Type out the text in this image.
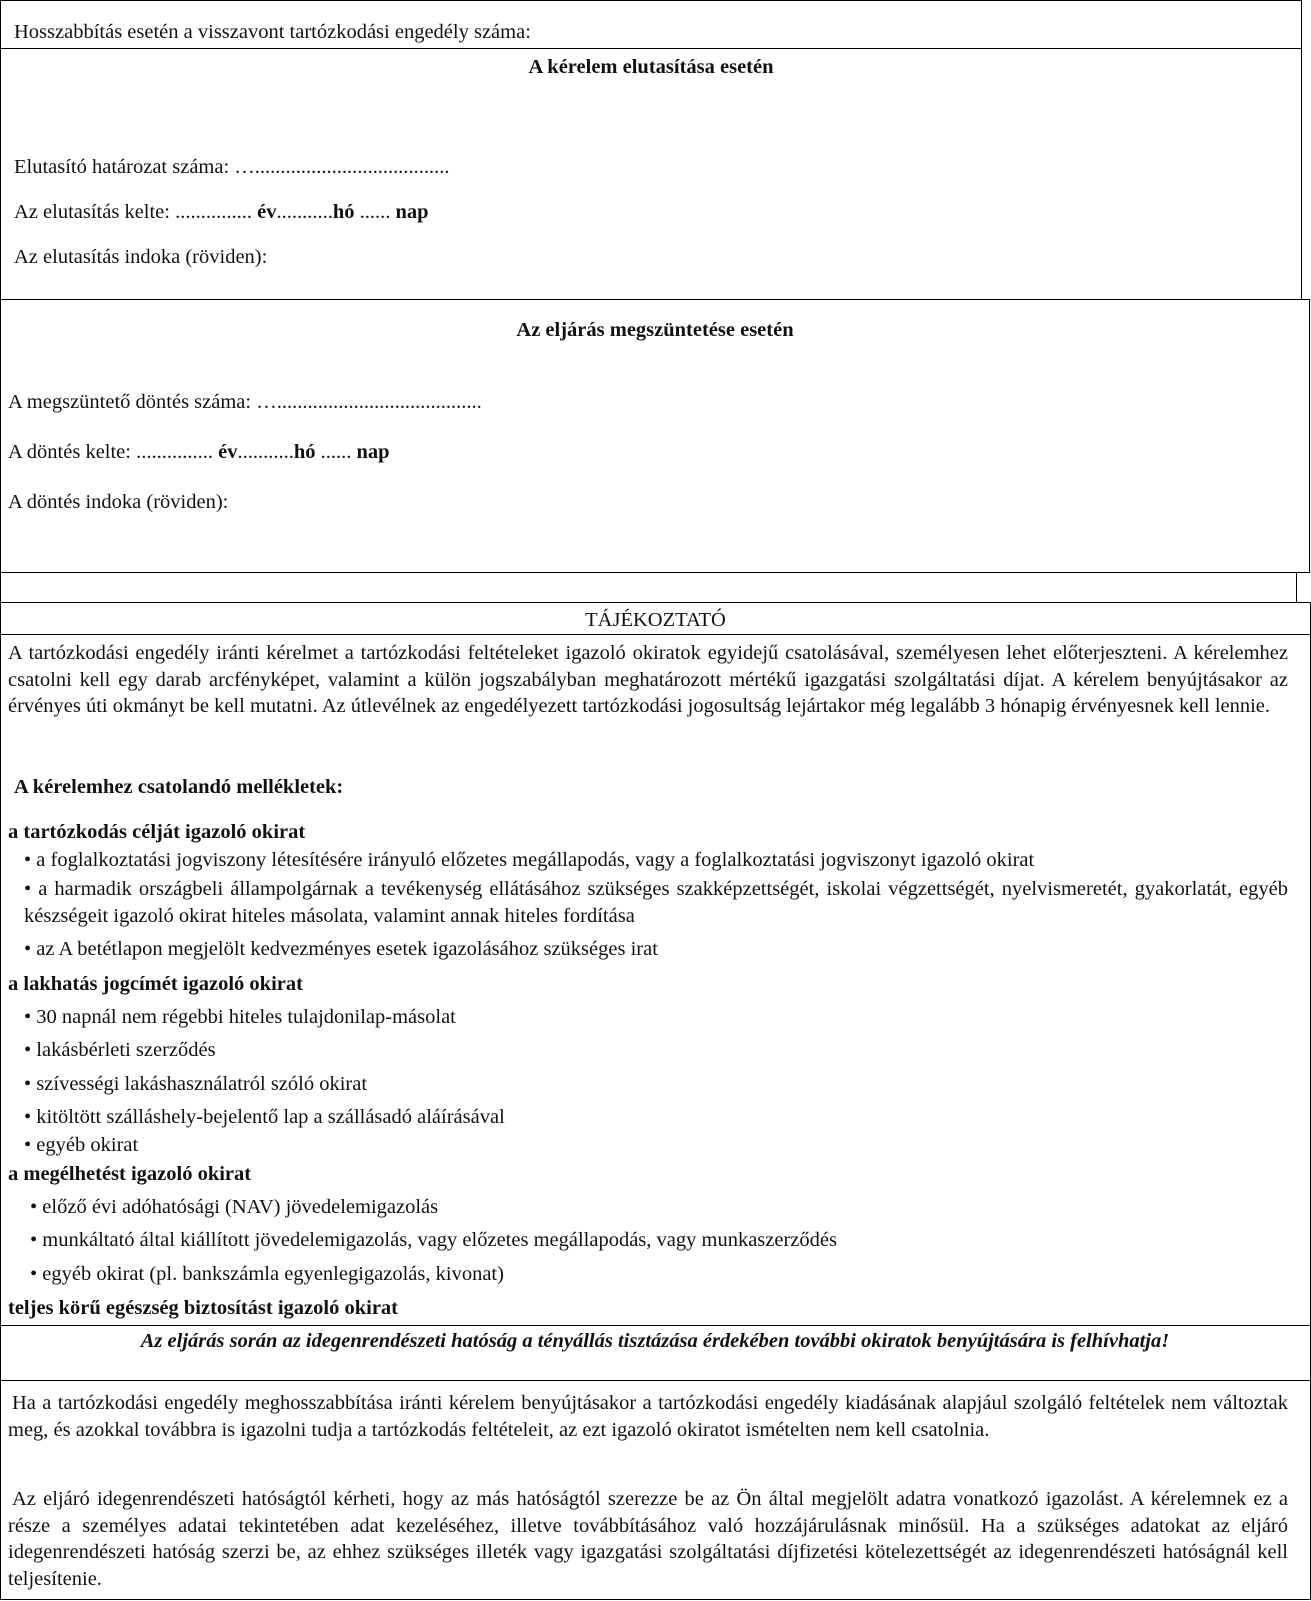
Hosszabbítás esetén a visszavont tartózkodási engedély száma:
A kérelem elutasítása esetén
Elutasító határozat száma: …......................................
Az elutasítás kelte: ............... év...........hó ...... nap
Az elutasítás indoka (röviden):
Az eljárás megszüntetése esetén
A megszüntető döntés száma: …........................................
A döntés kelte: ............... év...........hó ...... nap
A döntés indoka (röviden):
TÁJÉKOZTATÓ
A tartózkodási engedély iránti kérelmet a tartózkodási feltételeket igazoló okiratok egyidejű csatolásával, személyesen lehet előterjeszteni. A kérelemhez csatolni kell egy darab arcfényképet, valamint a külön jogszabályban meghatározott mértékű igazgatási szolgáltatási díjat. A kérelem benyújtásakor az érvényes úti okmányt be kell mutatni. Az útlevélnek az engedélyezett tartózkodási jogosultság lejártakor még legalább 3 hónapig érvényesnek kell lennie.
A kérelemhez csatolandó mellékletek:
a tartózkodás célját igazoló okirat
• a foglalkoztatási jogviszony létesítésére irányuló előzetes megállapodás, vagy a foglalkoztatási jogviszonyt igazoló okirat
• a harmadik országbeli állampolgárnak a tevékenység ellátásához szükséges szakképzettségét, iskolai végzettségét, nyelvismeretét, gyakorlatát, egyéb készségeit igazoló okirat hiteles másolata, valamint annak hiteles fordítása
• az A betétlapon megjelölt kedvezményes esetek igazolásához szükséges irat
a lakhatás jogcímét igazoló okirat
• 30 napnál nem régebbi hiteles tulajdonilap-másolat
• lakásbérleti szerződés
• szívességi lakáshasználatról szóló okirat
• kitöltött szálláshely-bejelentő lap a szállásadó aláírásával
• egyéb okirat
a megélhetést igazoló okirat
• előző évi adóhatósági (NAV) jövedelemigazolás
• munkáltató által kiállított jövedelemigazolás, vagy előzetes megállapodás, vagy munkaszerződés
• egyéb okirat (pl. bankszámla egyenlegigazolás, kivonat)
teljes körű egészség biztosítást igazoló okirat
Az eljárás során az idegenrendészeti hatóság a tényállás tisztázása érdekében további okiratok benyújtására is felhívhatja!
Ha a tartózkodási engedély meghosszabbítása iránti kérelem benyújtásakor a tartózkodási engedély kiadásának alapjául szolgáló feltételek nem változtak meg, és azokkal továbbra is igazolni tudja a tartózkodás feltételeit, az ezt igazoló okiratot ismételten nem kell csatolnia.
Az eljáró idegenrendészeti hatóságtól kérheti, hogy az más hatóságtól szerezze be az Ön által megjelölt adatra vonatkozó igazolást. A kérelemnek ez a része a személyes adatai tekintetében adat kezeléséhez, illetve továbbításához való hozzájárulásnak minősül. Ha a szükséges adatokat az eljáró idegenrendészeti hatóság szerzi be, az ehhez szükséges illeték vagy igazgatási szolgáltatási díjfizetési kötelezettségét az idegenrendészeti hatóságnál kell teljesítenie.
